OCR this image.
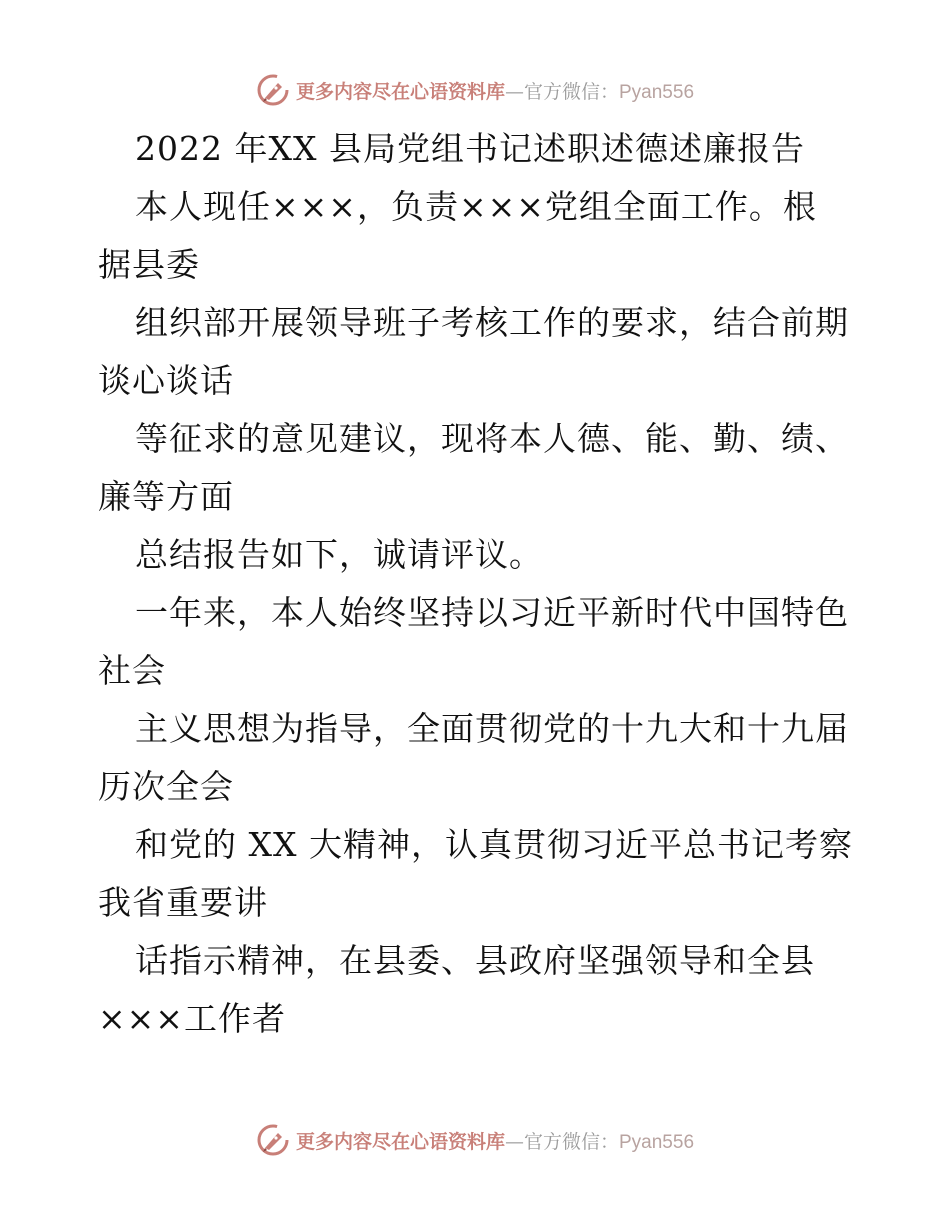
更多内容尽在心语资料库—官方微信：Pyan556
2022 年XX 县局党组书记述职述德述廉报告
本人现任×××，负责×××党组全面工作。根
据县委
组织部开展领导班子考核工作的要求，结合前期
谈心谈话
等征求的意见建议，现将本人德、能、勤、绩、
廉等方面
总结报告如下，诚请评议。
一年来，本人始终坚持以习近平新时代中国特色
社会
主义思想为指导，全面贯彻党的十九大和十九届
历次全会
和党的 XX 大精神，认真贯彻习近平总书记考察
我省重要讲
话指示精神，在县委、县政府坚强领导和全县
×××工作者
更多内容尽在心语资料库—官方微信：Pyan556
